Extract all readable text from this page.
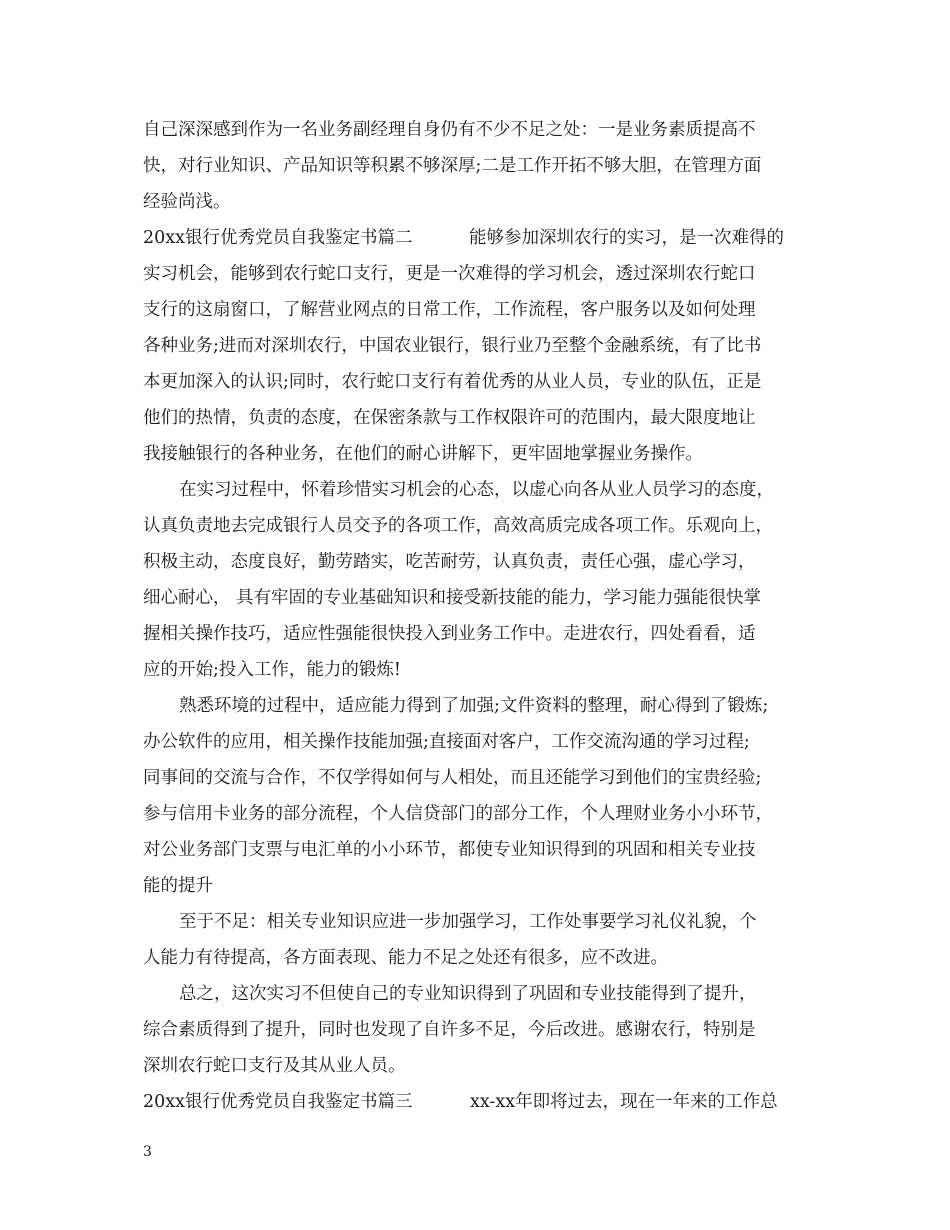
自己深深感到作为一名业务副经理自身仍有不少不足之处：一是业务素质提高不
快，对行业知识、产品知识等积累不够深厚;二是工作开拓不够大胆，在管理方面
经验尚浅。
20xx银行优秀党员自我鉴定书篇二	能够参加深圳农行的实习，是一次难得的
实习机会，能够到农行蛇口支行，更是一次难得的学习机会，透过深圳农行蛇口
支行的这扇窗口，了解营业网点的日常工作，工作流程，客户服务以及如何处理
各种业务;进而对深圳农行，中国农业银行，银行业乃至整个金融系统，有了比书
本更加深入的认识;同时，农行蛇口支行有着优秀的从业人员，专业的队伍，正是
他们的热情，负责的态度，在保密条款与工作权限许可的范围内，最大限度地让
我接触银行的各种业务，在他们的耐心讲解下，更牢固地掌握业务操作。
在实习过程中，怀着珍惜实习机会的心态，以虚心向各从业人员学习的态度，
认真负责地去完成银行人员交予的各项工作，高效高质完成各项工作。乐观向上，
积极主动，态度良好，勤劳踏实，吃苦耐劳，认真负责，责任心强，虚心学习，
细心耐心， 具有牢固的专业基础知识和接受新技能的能力，学习能力强能很快掌
握相关操作技巧，适应性强能很快投入到业务工作中。走进农行，四处看看，适
应的开始;投入工作，能力的锻炼!
熟悉环境的过程中，适应能力得到了加强;文件资料的整理，耐心得到了锻炼;
办公软件的应用，相关操作技能加强;直接面对客户，工作交流沟通的学习过程;
同事间的交流与合作，不仅学得如何与人相处，而且还能学习到他们的宝贵经验;
参与信用卡业务的部分流程，个人信贷部门的部分工作，个人理财业务小小环节，
对公业务部门支票与电汇单的小小环节，都使专业知识得到的巩固和相关专业技
能的提升
至于不足：相关专业知识应进一步加强学习，工作处事要学习礼仪礼貌，个
人能力有待提高，各方面表现、能力不足之处还有很多，应不改进。
总之，这次实习不但使自己的专业知识得到了巩固和专业技能得到了提升，
综合素质得到了提升，同时也发现了自许多不足，今后改进。感谢农行，特别是
深圳农行蛇口支行及其从业人员。
20xx银行优秀党员自我鉴定书篇三	xx-xx年即将过去，现在一年来的工作总
3
